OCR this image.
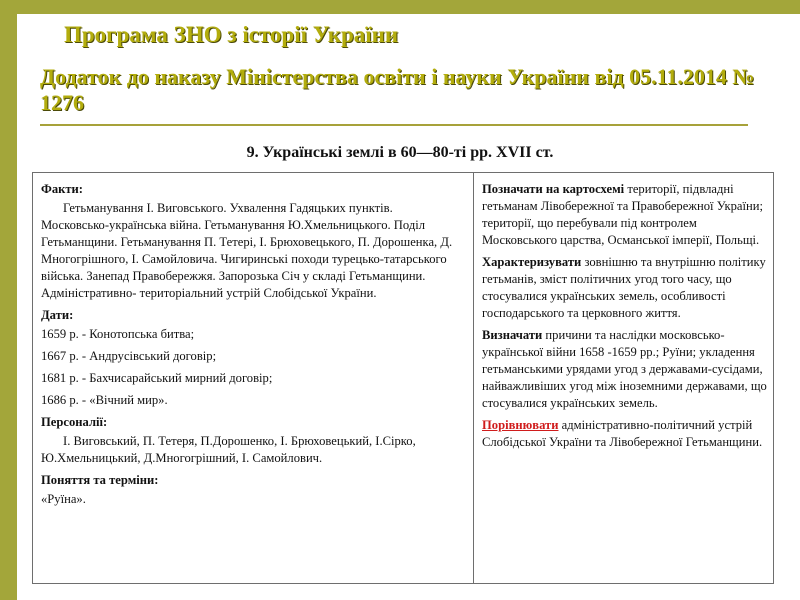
Програма ЗНО з історії України
Додаток до наказу Міністерства освіти і науки України від 05.11.2014 № 1276
9. Українські землі в 60—80-ті рр. XVII ст.
Факти:

Гетьманування І. Виговського. Ухвалення Гадяцьких пунктів. Московсько-українська війна. Гетьманування Ю.Хмельницького. Поділ Гетьманщини. Гетьманування П. Тетері, І. Брюховецького, П. Дорошенка, Д. Многогрішного, І. Самойловича. Чигиринські походи турецько-татарського війська. Занепад Правобережжя. Запорозька Січ у складі Гетьманщини. Адміністративно- територіальний устрій Слобідської України.

Дати:
1659 р. - Конотопська битва;
1667 р. - Андрусівський договір;
1681 р. - Бахчисарайський мирний договір;
1686 р. - «Вічний мир».
Персоналії:

І. Виговський, П. Тетеря, П.Дорошенко, І. Брюховецький, І.Сірко, Ю.Хмельницький, Д.Многогрішний, І. Самойлович.

Поняття та терміни:

«Руїна».

Позначати на картосхемі території, підвладні гетьманам Лівобережної та Правобережної України; території, що перебували під контролем Московського царства, Османської імперії, Польщі.

Характеризувати зовнішню та внутрішню політику гетьманів, зміст політичних угод того часу, що стосувалися українських земель, особливості господарського та церковного життя.

Визначати причини та наслідки московсько-української війни 1658 -1659 рр.; Руїни; укладення гетьманськими урядами угод з державами-сусідами, найважливіших угод між іноземними державами, що стосувалися українських земель.

Порівнювати адміністративно-політичний устрій Слобідської України та Лівобережної Гетьманщини.
